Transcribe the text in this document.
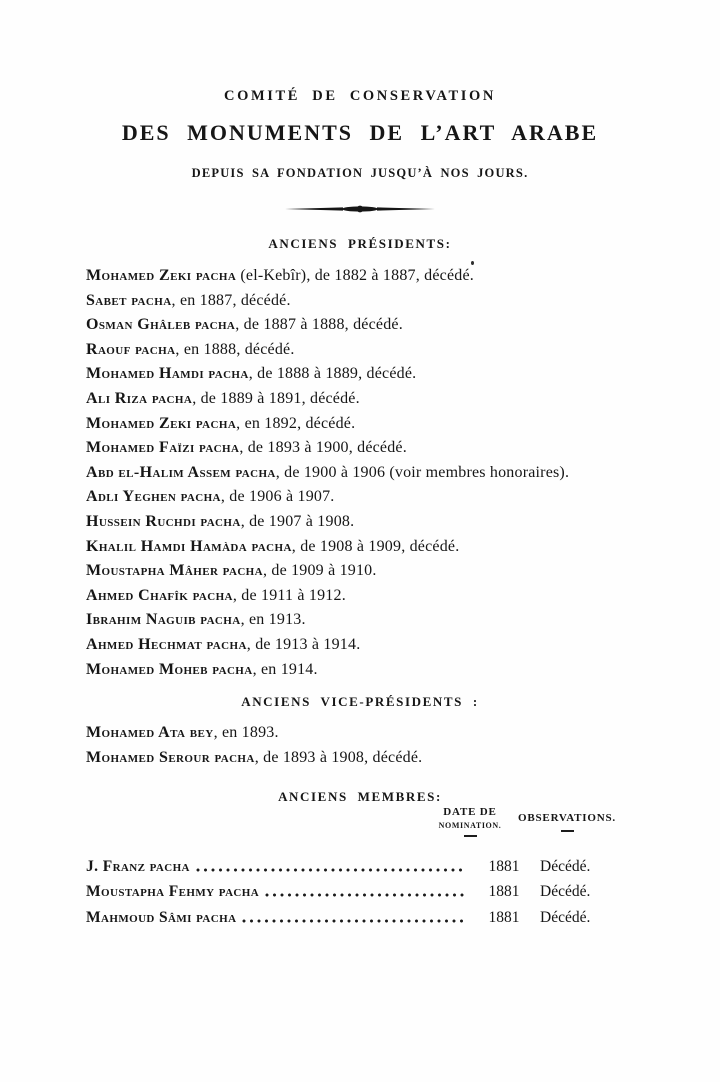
COMITÉ DE CONSERVATION
DES MONUMENTS DE L’ART ARABE
DEPUIS SA FONDATION JUSQU’À NOS JOURS.
ANCIENS PRÉSIDENTS:
Mohamed Zeki pacha (el-Kebîr), de 1882 à 1887, décédé.
Sabet pacha, en 1887, décédé.
Osman Ghâleb pacha, de 1887 à 1888, décédé.
Raouf pacha, en 1888, décédé.
Mohamed Hamdi pacha, de 1888 à 1889, décédé.
Ali Riza pacha, de 1889 à 1891, décédé.
Mohamed Zeki pacha, en 1892, décédé.
Mohamed Faïzi pacha, de 1893 à 1900, décédé.
Abd el-Halim Assem pacha, de 1900 à 1906 (voir membres honoraires).
Adli Yeghen pacha, de 1906 à 1907.
Hussein Ruchdi pacha, de 1907 à 1908.
Khalil Hamdi Hamàda pacha, de 1908 à 1909, décédé.
Moustapha Mâher pacha, de 1909 à 1910.
Ahmed Chafîk pacha, de 1911 à 1912.
Ibrahim Naguib pacha, en 1913.
Ahmed Hechmat pacha, de 1913 à 1914.
Mohamed Moheb pacha, en 1914.
ANCIENS VICE-PRÉSIDENTS :
Mohamed Ata bey, en 1893.
Mohamed Serour pacha, de 1893 à 1908, décédé.
ANCIENS MEMBRES:
DATE DE
NOMINATION.
OBSERVATIONS.
J. Franz pacha	1881	Décédé.
Moustapha Fehmy pacha	1881	Décédé.
Mahmoud Sâmi pacha	1881	Décédé.
